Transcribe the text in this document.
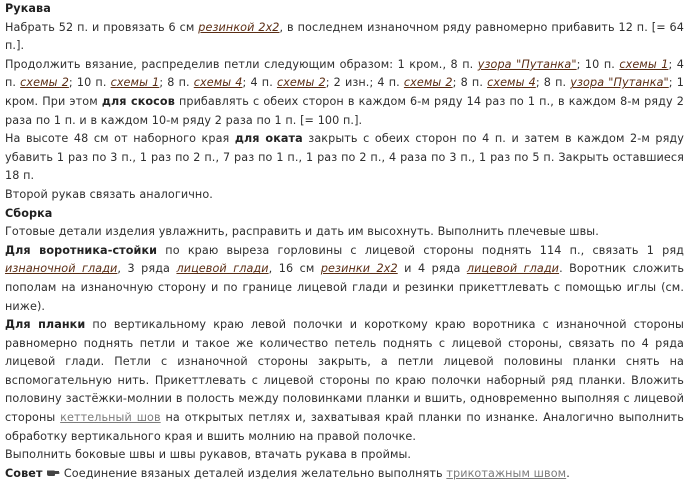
Рукава

Набрать 52 п. и провязать 6 см резинкой 2х2, в последнем изнаночном ряду равномерно прибавить 12 п. [= 64 п.].

Продолжить вязание, распределив петли следующим образом: 1 кром., 8 п. узора "Путанка"; 10 п. схемы 1; 4 п. схемы 2; 10 п. схемы 1; 8 п. схемы 4; 4 п. схемы 2; 2 изн.; 4 п. схемы 2; 8 п. схемы 4; 8 п. узора "Путанка"; 1 кром. При этом для скосов прибавлять с обеих сторон в каждом 6-м ряду 14 раз по 1 п., в каждом 8-м ряду 2 раза по 1 п. и в каждом 10-м ряду 2 раза по 1 п. [= 100 п.].

На высоте 48 см от наборного края для оката закрыть с обеих сторон по 4 п. и затем в каждом 2-м ряду убавить 1 раз по 3 п., 1 раз по 2 п., 7 раз по 1 п., 1 раз по 2 п., 4 раза по 3 п., 1 раз по 5 п. Закрыть оставшиеся 18 п.

Второй рукав связать аналогично.

Сборка

Готовые детали изделия увлажнить, расправить и дать им высохнуть. Выполнить плечевые швы.

Для воротника-стойки по краю выреза горловины с лицевой стороны поднять 114 п., связать 1 ряд изнаночной глади, 3 ряда лицевой глади, 16 см резинки 2х2 и 4 ряда лицевой глади. Воротник сложить пополам на изнаночную сторону и по границе лицевой глади и резинки прикеттлевать с помощью иглы (см. ниже).

Для планки по вертикальному краю левой полочки и короткому краю воротника с изнаночной стороны равномерно поднять петли и такое же количество петель поднять с лицевой стороны, связать по 4 ряда лицевой глади. Петли с изнаночной стороны закрыть, а петли лицевой половины планки снять на вспомогательную нить. Прикеттлевать с лицевой стороны по краю полочки наборный ряд планки. Вложить половину застёжки-молнии в полость между половинками планки и вшить, одновременно выполняя с лицевой стороны кеттельный шов на открытых петлях и, захватывая край планки по изнанке. Аналогично выполнить обработку вертикального края и вшить молнию на правой полочке.

Выполнить боковые швы и швы рукавов, втачать рукава в проймы.

Совет  Соединение вязаных деталей изделия желательно выполнять трикотажным швом.
